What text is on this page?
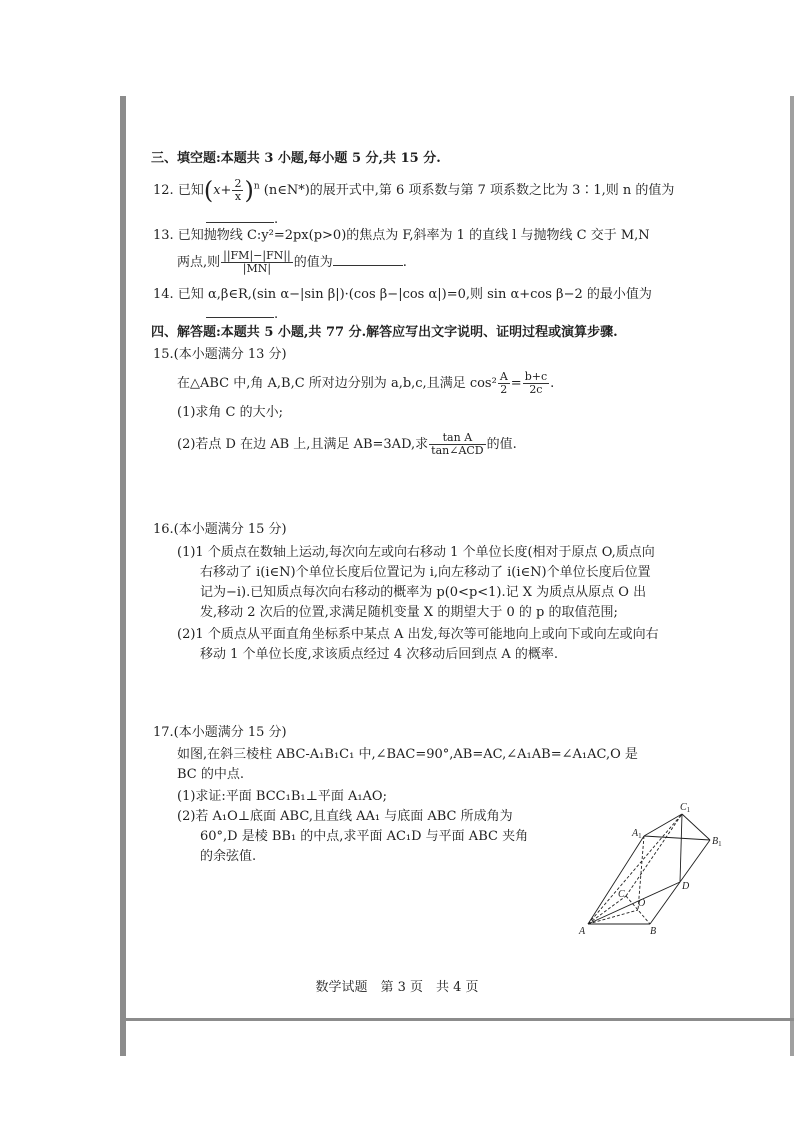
三、填空题:本题共 3 小题,每小题 5 分,共 15 分.
12. 已知$(x+ \frac{2}{x} )^n$ (n∈N*)的展开式中,第 6 项系数与第 7 项系数之比为 3∶1,则 n 的值为
.
13. 已知抛物线 C:y²=2px(p>0)的焦点为 F,斜率为 1 的直线 l 与抛物线 C 交于 M,N
两点,则 $\frac{||FM|-|FN||}{|MN|}$ 的值为	.
14. 已知 α,β∈R,(sin α−|sin β|)·(cos β−|cos α|)=0,则 sin α+cos β−2 的最小值为
.
四、解答题:本题共 5 小题,共 77 分.解答应写出文字说明、证明过程或演算步骤.
15.(本小题满分 13 分)
在△ABC 中,角 A,B,C 所对边分别为 a,b,c,且满足 $\cos^2 \frac{A}{2} = \frac{b+c}{2c}$ .
(1)求角 C 的大小;
(2)若点 D 在边 AB 上,且满足 AB=3AD,求 $\frac{\text{tan A}}{\text{tan∠ACD}}$ 的值.
16.(本小题满分 15 分)
(1)1 个质点在数轴上运动,每次向左或向右移动 1 个单位长度(相对于原点 O,质点向
右移动了 i(i∈N)个单位长度后位置记为 i,向左移动了 i(i∈N)个单位长度后位置
记为−i).已知质点每次向右移动的概率为 p(0<p<1).记 X 为质点从原点 O 出
发,移动 2 次后的位置,求满足随机变量 X 的期望大于 0 的 p 的取值范围;
(2)1 个质点从平面直角坐标系中某点 A 出发,每次等可能地向上或向下或向左或向右
移动 1 个单位长度,求该质点经过 4 次移动后回到点 A 的概率.
17.(本小题满分 15 分)
如图,在斜三棱柱 ABC-A₁B₁C₁ 中,∠BAC=90°,AB=AC,∠A₁AB=∠A₁AC,O 是
BC 的中点.
(1)求证:平面 BCC₁B₁⊥平面 A₁AO;
(2)若 A₁O⊥底面 ABC,且直线 AA₁ 与底面 ABC 所成角为
60°,D 是棱 BB₁ 的中点,求平面 AC₁D 与平面 ABC 夹角
的余弦值.
A	B
C
O
D
$A_1$	$B_1$
$C_1$
数学试题　第 3 页　共 4 页
